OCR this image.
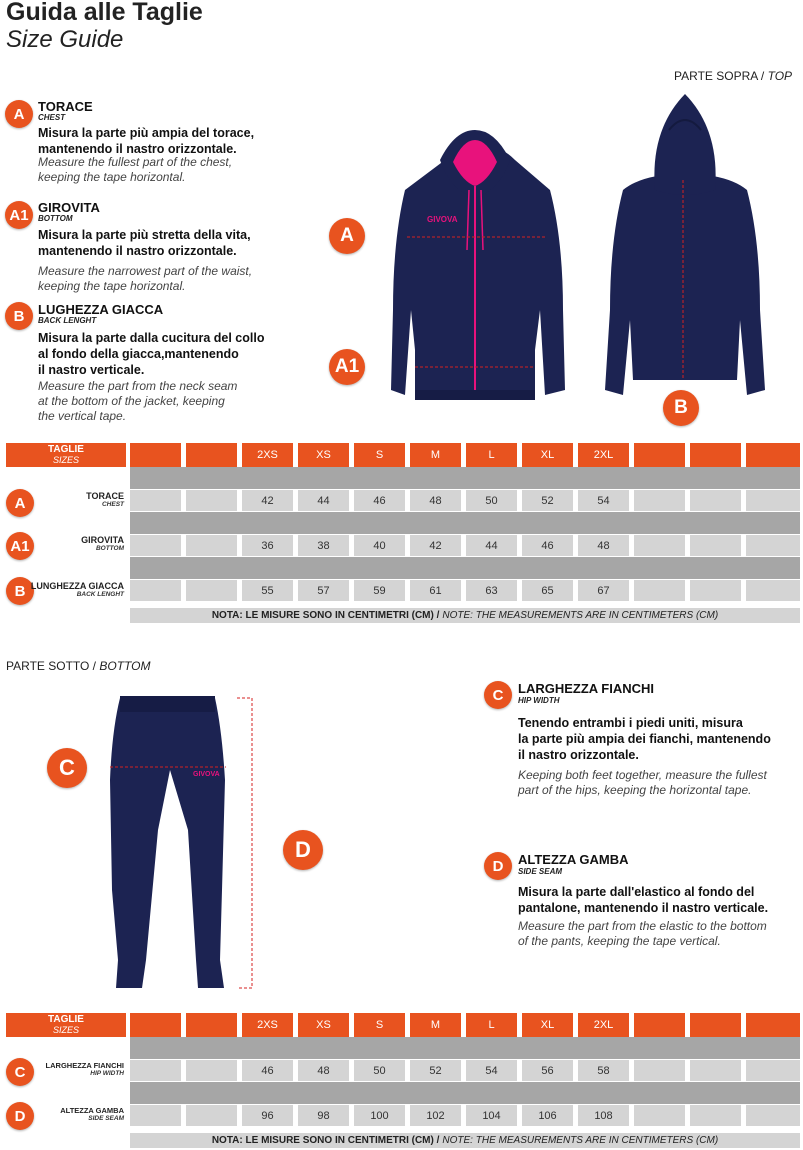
Guida alle Taglie
Size Guide
PARTE SOPRA / TOP
A	TORACE
CHEST
Misura la parte più ampia del torace,
mantenendo il nastro orizzontale.
Measure the fullest part of the chest,
keeping the tape horizontal.
A1 GIROVITA
BOTTOM
Misura la parte più stretta della vita,
mantenendo il nastro orizzontale.
Measure the narrowest part of the waist,
keeping the tape horizontal.
B	LUGHEZZA GIACCA
BACK LENGHT
Misura la parte dalla cucitura del collo
al fondo della giacca,mantenendo
il nastro verticale.
Measure the part from the neck seam
at the bottom of the jacket, keeping
the vertical tape.
GIVOVA
A
A1
B
TAGLIE
SIZES	2XS	XS	S	M	L	XL	2XL
A	TORACE
CHEST	42	44	46	48	50	52	54
A1	GIROVITA
BOTTOM	36	38	40	42	44	46	48
B LUNGHEZZA GIACCA
BACK LENGHT	55	57	59	61	63	65	67
NOTA: LE MISURE SONO IN CENTIMETRI (CM) / NOTE: THE MEASUREMENTS ARE IN CENTIMETERS (CM)
PARTE SOTTO / BOTTOM
GIVOVA
C
D
C	LARGHEZZA FIANCHI
HIP WIDTH
Tenendo entrambi i piedi uniti, misura
la parte più ampia dei fianchi, mantenendo
il nastro orizzontale.
Keeping both feet together, measure the fullest
part of the hips, keeping the horizontal tape.
D	ALTEZZA GAMBA
SIDE SEAM
Misura la parte dall'elastico al fondo del
pantalone, mantenendo il nastro verticale.
Measure the part from the elastic to the bottom
of the pants, keeping the tape vertical.
TAGLIE
SIZES	2XS	XS	S	M	L	XL	2XL
C	LARGHEZZA FIANCHI
HIP WIDTH	46	48	50	52	54	56	58
D	ALTEZZA GAMBA
SIDE SEAM	96	98	100	102	104	106	108
NOTA: LE MISURE SONO IN CENTIMETRI (CM) / NOTE: THE MEASUREMENTS ARE IN CENTIMETERS (CM)
